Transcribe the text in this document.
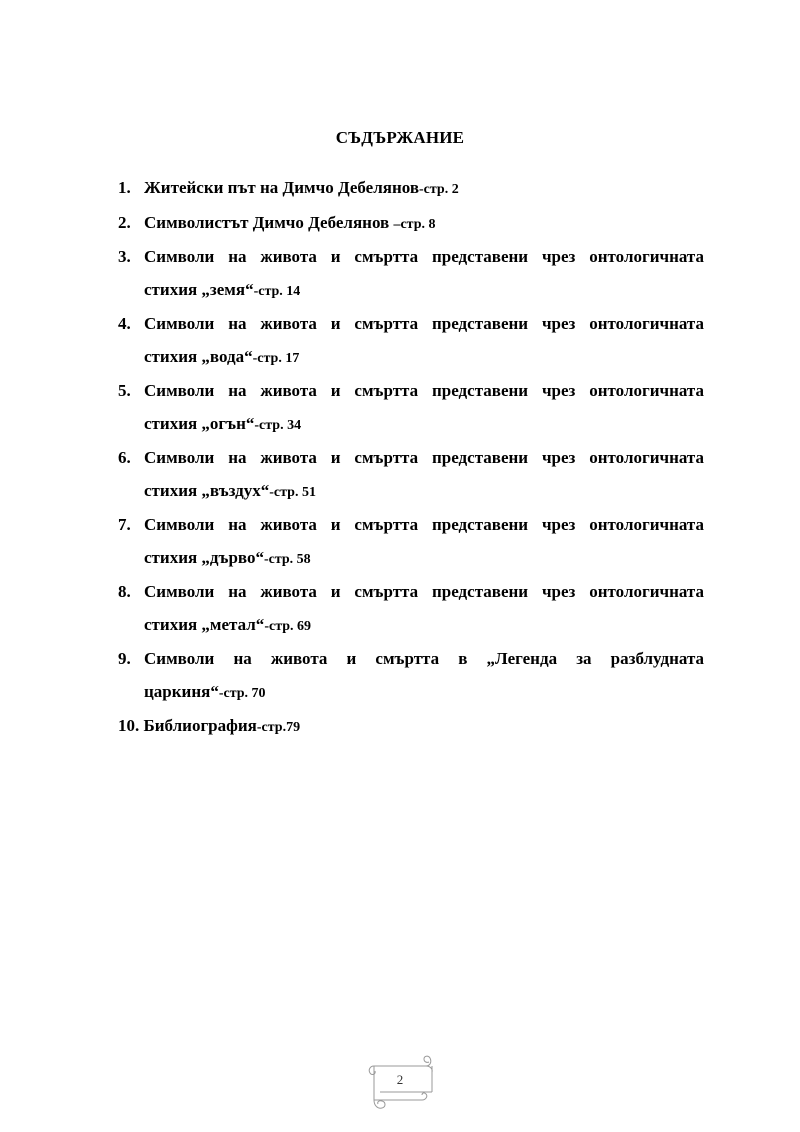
СЪДЪРЖАНИЕ
1. Житейски път на Димчо Дебелянов-стр. 2
2. Символистът Димчо Дебелянов –стр. 8
3. Символи на живота и смъртта представени чрез онтологичната
стихия „земя“-стр. 14
4. Символи на живота и смъртта представени чрез онтологичната
стихия „вода“-стр. 17
5. Символи на живота и смъртта представени чрез онтологичната
стихия „огън“-стр. 34
6. Символи на живота и смъртта представени чрез онтологичната
стихия „въздух“-стр. 51
7. Символи на живота и смъртта представени чрез онтологичната
стихия „дърво“-стр. 58
8. Символи на живота и смъртта представени чрез онтологичната
стихия „метал“-стр. 69
9. Символи на живота и смъртта в „Легенда за разблудната
царкиня“-стр. 70
10. Библиография-стр.79
2
